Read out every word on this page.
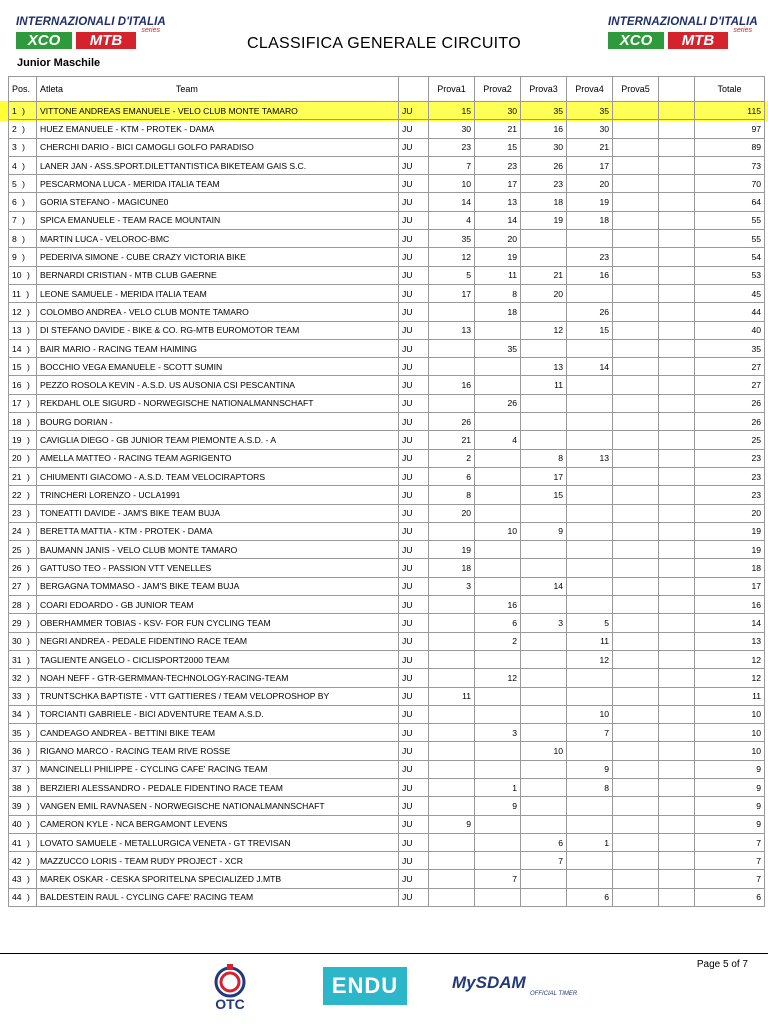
INTERNAZIONALI D'ITALIA
XCO	MTB
series
INTERNAZIONALI D'ITALIA
XCO	MTB
series
CLASSIFICA GENERALE CIRCUITO
Junior Maschile
Pos.	Atleta Team		Prova1	Prova2	Prova3	Prova4	Prova5		Totale
1 )	VITTONE ANDREAS EMANUELE - VELO CLUB MONTE TAMARO	JU	15	30	35	35			115
2 )	HUEZ EMANUELE - KTM - PROTEK - DAMA	JU	30	21	16	30			97
3 )	CHERCHI DARIO - BICI CAMOGLI GOLFO PARADISO	JU	23	15	30	21			89
4 )	LANER JAN - ASS.SPORT.DILETTANTISTICA BIKETEAM GAIS S.C.	JU	7	23	26	17			73
5 )	PESCARMONA LUCA - MERIDA ITALIA TEAM	JU	10	17	23	20			70
6 )	GORIA STEFANO - MAGICUNE0	JU	14	13	18	19			64
7 )	SPICA EMANUELE - TEAM RACE MOUNTAIN	JU	4	14	19	18			55
8 )	MARTIN LUCA - VELOROC-BMC	JU	35	20					55
9 )	PEDERIVA SIMONE - CUBE CRAZY VICTORIA BIKE	JU	12	19		23			54
10 )	BERNARDI CRISTIAN - MTB CLUB GAERNE	JU	5	11	21	16			53
11 )	LEONE SAMUELE - MERIDA ITALIA TEAM	JU	17	8	20				45
12 )	COLOMBO ANDREA - VELO CLUB MONTE TAMARO	JU		18		26			44
13 )	DI STEFANO DAVIDE - BIKE & CO. RG-MTB EUROMOTOR TEAM	JU	13		12	15			40
14 )	BAIR MARIO - RACING TEAM HAIMING	JU		35					35
15 )	BOCCHIO VEGA EMANUELE - SCOTT SUMIN	JU			13	14			27
16 )	PEZZO ROSOLA KEVIN - A.S.D. US AUSONIA CSI PESCANTINA	JU	16		11				27
17 )	REKDAHL OLE SIGURD - NORWEGISCHE NATIONALMANNSCHAFT	JU		26					26
18 )	BOURG DORIAN -	JU	26						26
19 )	CAVIGLIA DIEGO - GB JUNIOR TEAM PIEMONTE A.S.D. - A	JU	21	4					25
20 )	AMELLA MATTEO - RACING TEAM AGRIGENTO	JU	2		8	13			23
21 )	CHIUMENTI GIACOMO - A.S.D. TEAM VELOCIRAPTORS	JU	6		17				23
22 )	TRINCHERI LORENZO - UCLA1991	JU	8		15				23
23 )	TONEATTI DAVIDE - JAM'S BIKE TEAM BUJA	JU	20						20
24 )	BERETTA MATTIA - KTM - PROTEK - DAMA	JU		10	9				19
25 )	BAUMANN JANIS - VELO CLUB MONTE TAMARO	JU	19						19
26 )	GATTUSO TEO - PASSION VTT VENELLES	JU	18						18
27 )	BERGAGNA TOMMASO - JAM'S BIKE TEAM BUJA	JU	3		14				17
28 )	COARI EDOARDO - GB JUNIOR TEAM	JU		16					16
29 )	OBERHAMMER TOBIAS - KSV- FOR FUN CYCLING TEAM	JU		6	3	5			14
30 )	NEGRI ANDREA - PEDALE FIDENTINO RACE TEAM	JU		2		11			13
31 )	TAGLIENTE ANGELO - CICLISPORT2000 TEAM	JU				12			12
32 )	NOAH NEFF - GTR-GERMMAN-TECHNOLOGY-RACING-TEAM	JU		12					12
33 )	TRUNTSCHKA BAPTISTE - VTT GATTIERES / TEAM VELOPROSHOP BY	JU	11						11
34 )	TORCIANTI GABRIELE - BICI ADVENTURE TEAM A.S.D.	JU				10			10
35 )	CANDEAGO ANDREA - BETTINI BIKE TEAM	JU		3		7			10
36 )	RIGANO MARCO - RACING TEAM RIVE ROSSE	JU			10				10
37 )	MANCINELLI PHILIPPE - CYCLING CAFE' RACING TEAM	JU				9			9
38 )	BERZIERI ALESSANDRO - PEDALE FIDENTINO RACE TEAM	JU		1		8			9
39 )	VANGEN EMIL RAVNASEN - NORWEGISCHE NATIONALMANNSCHAFT	JU		9					9
40 )	CAMERON KYLE - NCA BERGAMONT LEVENS	JU	9						9
41 )	LOVATO SAMUELE - METALLURGICA VENETA - GT TREVISAN	JU			6	1			7
42 )	MAZZUCCO LORIS - TEAM RUDY PROJECT - XCR	JU			7				7
43 )	MAREK OSKAR - CESKA SPORITELNA SPECIALIZED J.MTB	JU		7					7
44 )	BALDESTEIN RAUL - CYCLING CAFE' RACING TEAM	JU				6			6
Page 5 of 7
OTC
ENDU	MySDAM
OFFICIAL TIMER
